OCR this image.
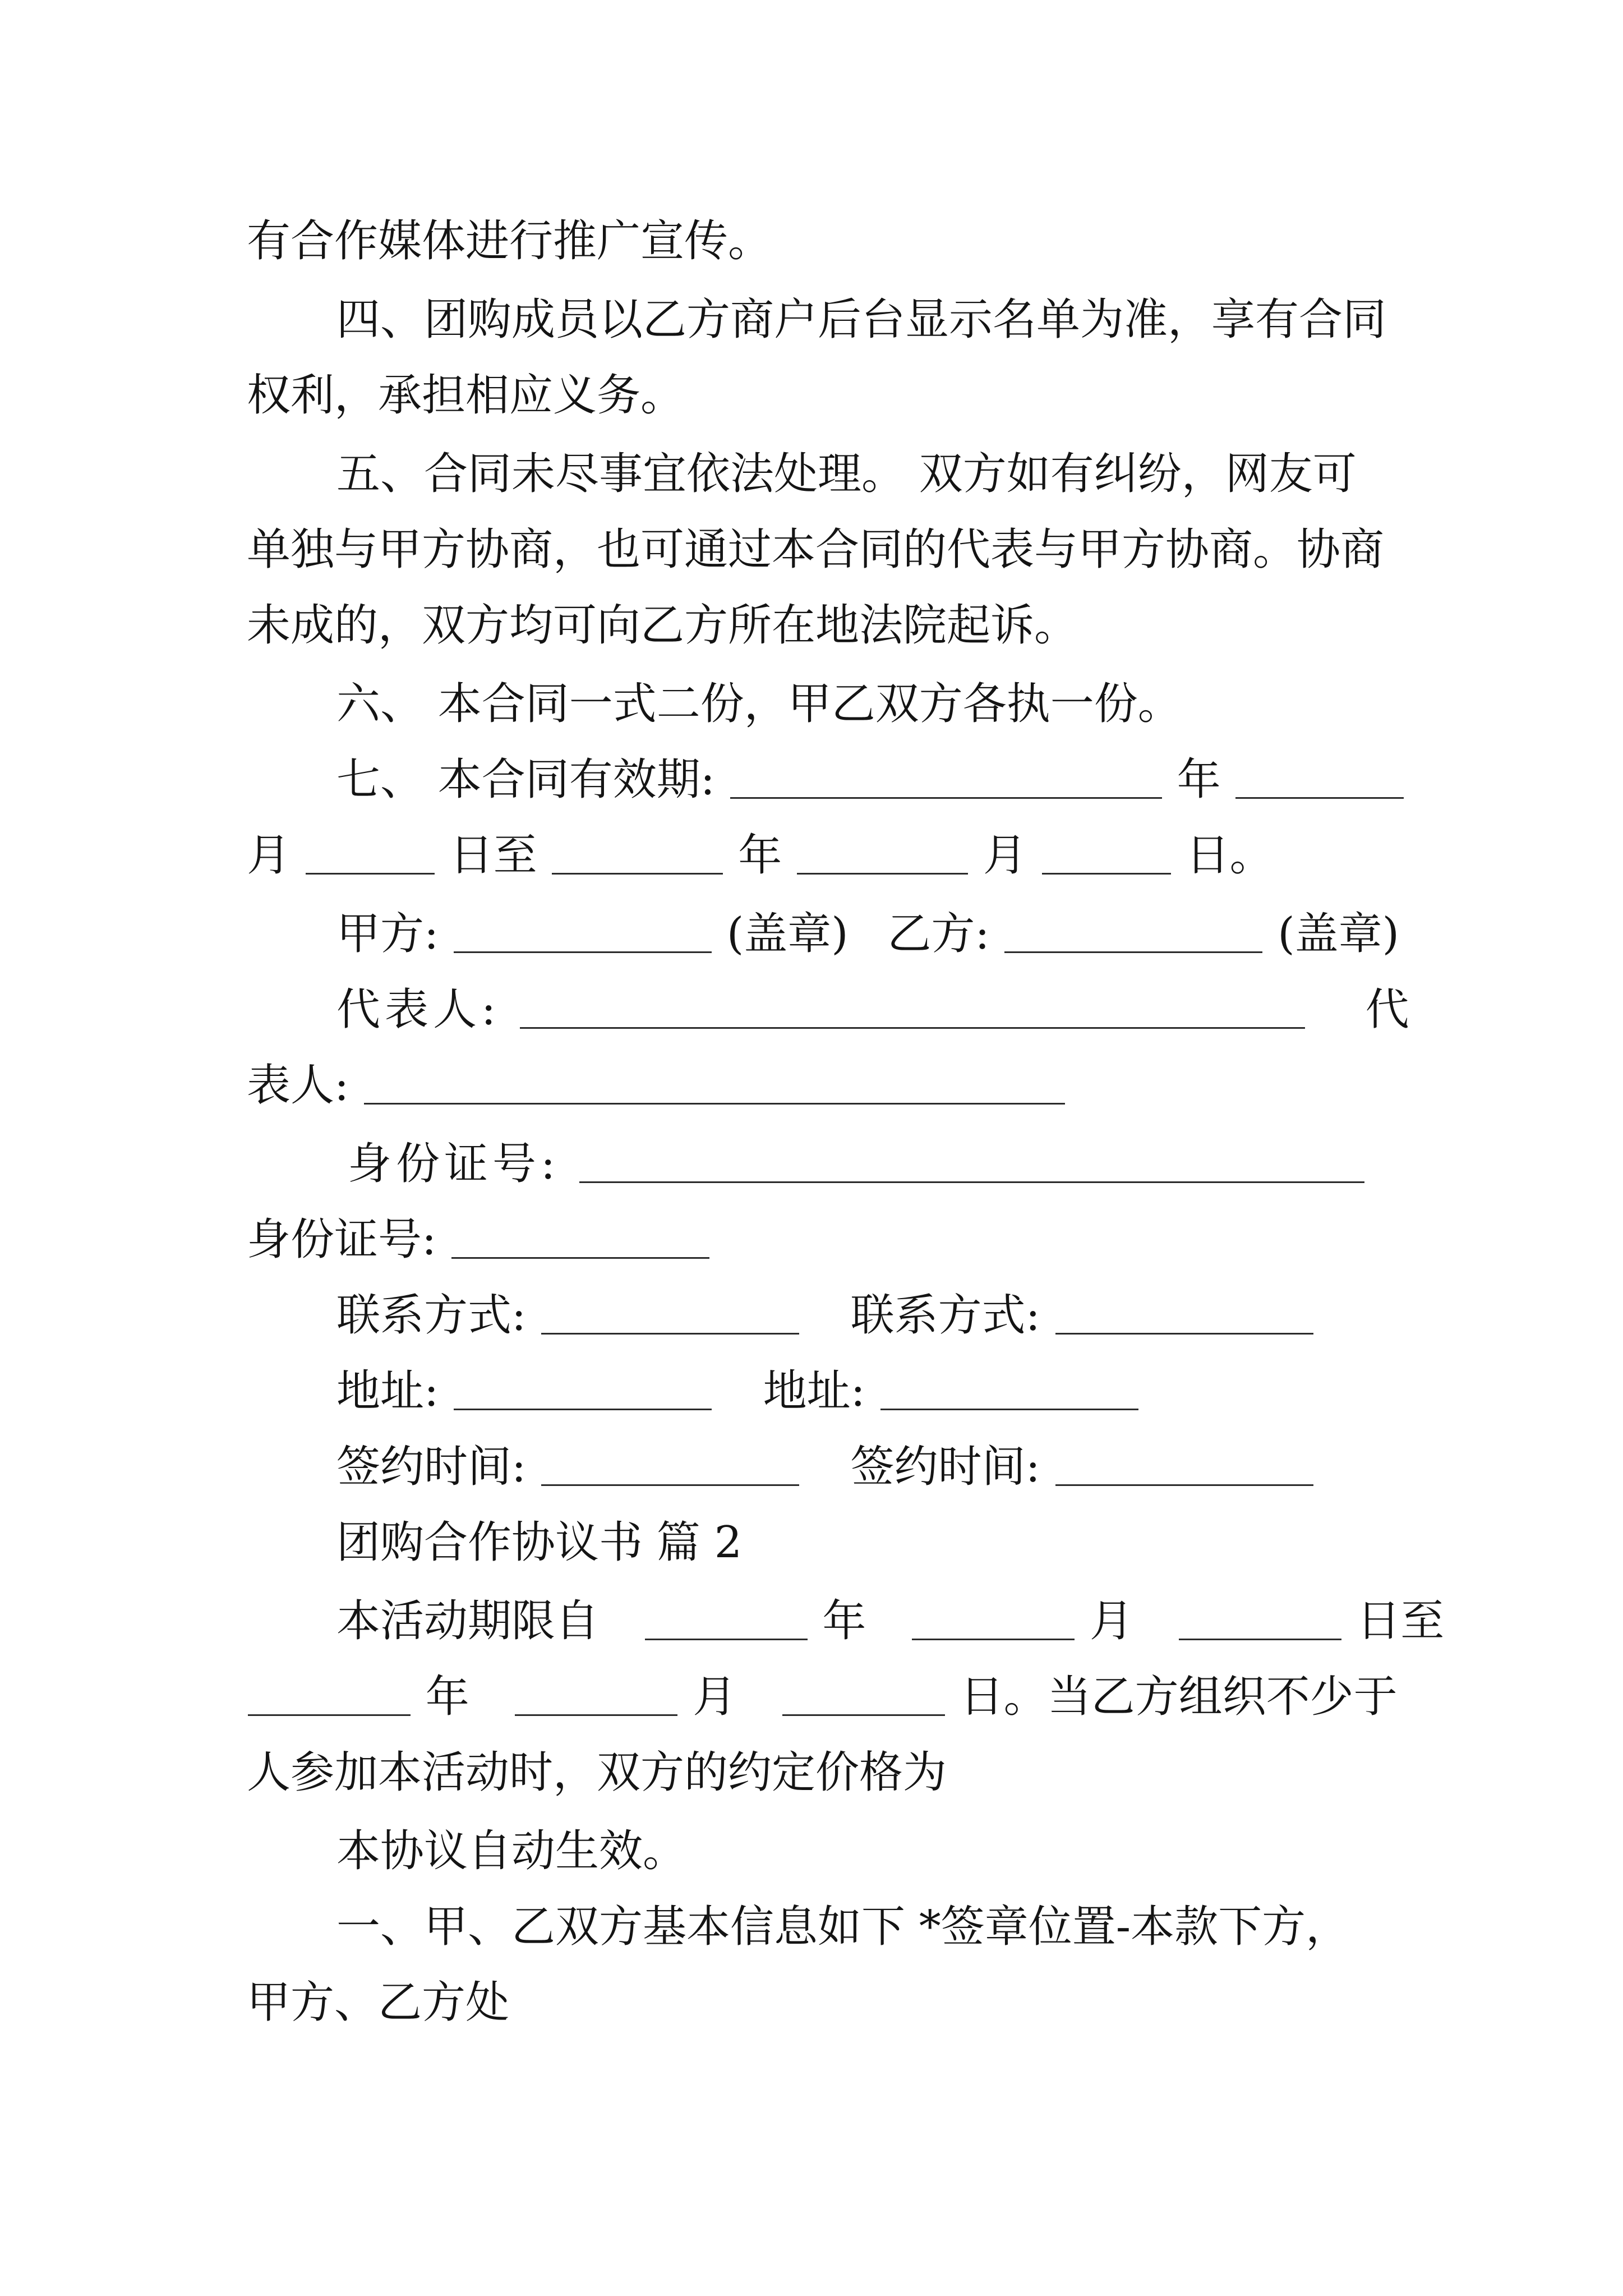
有合作媒体进行推广宣传。
四、团购成员以乙方商户后台显示名单为准，享有合同
权利，承担相应义务。
五、合同未尽事宜依法处理。 双方如有纠纷，网友可
单独与甲方协商，也可通过本合同的代表与甲方协商。协商
未成的，双方均可向乙方所在地法院起诉。
六、 本合同一式二份，甲乙双方各执一份。
七、 本合同有效期:	年
月	日至	年	月	日。
甲方:	(盖章) 乙方:	(盖章)
代表人:	代
表人:
身份证号:
身份证号:
联系方式:	联系方式:
地址:	地址:
签约时间:	签约时间:
团购合作协议书 篇 2
本活动期限自	年	月	日至
年	月	日。当乙方组织不少于
人参加本活动时，双方的约定价格为
本协议自动生效。
一、甲、乙双方基本信息如下 *签章位置-本款下方，
甲方、乙方处
